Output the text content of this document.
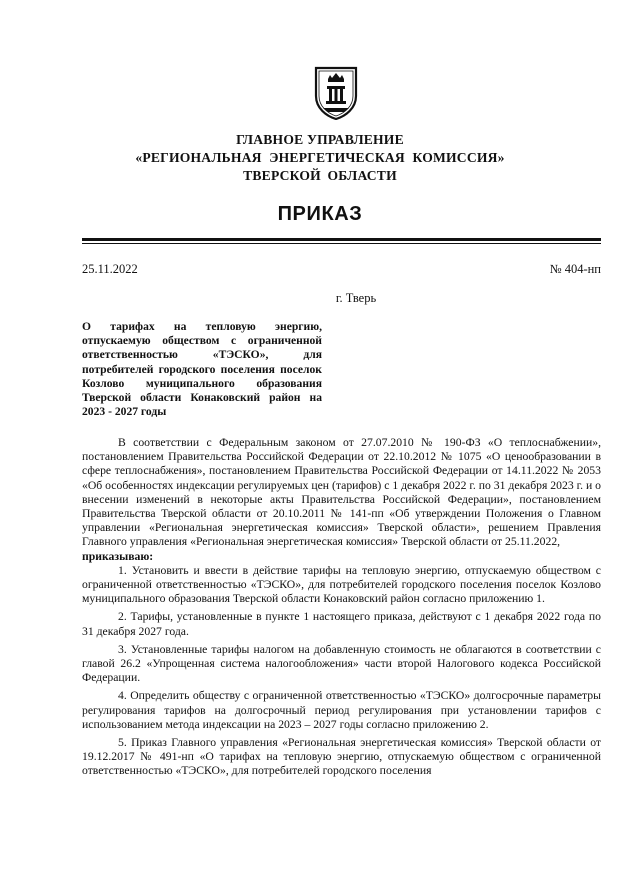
ГЛАВНОЕ УПРАВЛЕНИЕ
«РЕГИОНАЛЬНАЯ ЭНЕРГЕТИЧЕСКАЯ КОМИССИЯ»
ТВЕРСКОЙ ОБЛАСТИ
ПРИКАЗ
25.11.2022	№ 404-нп
г. Тверь
О тарифах на тепловую энергию, отпускаемую обществом с ограниченной ответственностью «ТЭСКО», для потребителей городского поселения поселок Козлово муниципального образования Тверской области Конаковский район на 2023 - 2027 годы

В соответствии с Федеральным законом от 27.07.2010 № 190-ФЗ «О теплоснабжении», постановлением Правительства Российской Федерации от 22.10.2012 № 1075 «О ценообразовании в сфере теплоснабжения», постановлением Правительства Российской Федерации от 14.11.2022 № 2053 «Об особенностях индексации регулируемых цен (тарифов) с 1 декабря 2022 г. по 31 декабря 2023 г. и о внесении изменений в некоторые акты Правительства Российской Федерации», постановлением Правительства Тверской области от 20.10.2011 № 141-пп «Об утверждении Положения о Главном управлении «Региональная энергетическая комиссия» Тверской области», решением Правления Главного управления «Региональная энергетическая комиссия» Тверской области от 25.11.2022,

приказываю:

1. Установить и ввести в действие тарифы на тепловую энергию, отпускаемую обществом с ограниченной ответственностью «ТЭСКО», для потребителей городского поселения поселок Козлово муниципального образования Тверской области Конаковский район согласно приложению 1.

2. Тарифы, установленные в пункте 1 настоящего приказа, действуют с 1 декабря 2022 года по 31 декабря 2027 года.

3. Установленные тарифы налогом на добавленную стоимость не облагаются в соответствии с главой 26.2 «Упрощенная система налогообложения» части второй Налогового кодекса Российской Федерации.

4. Определить обществу с ограниченной ответственностью «ТЭСКО» долгосрочные параметры регулирования тарифов на долгосрочный период регулирования при установлении тарифов с использованием метода индексации на 2023 – 2027 годы согласно приложению 2.

5. Приказ Главного управления «Региональная энергетическая комиссия» Тверской области от 19.12.2017 № 491-нп «О тарифах на тепловую энергию, отпускаемую обществом с ограниченной ответственностью «ТЭСКО», для потребителей городского поселения
